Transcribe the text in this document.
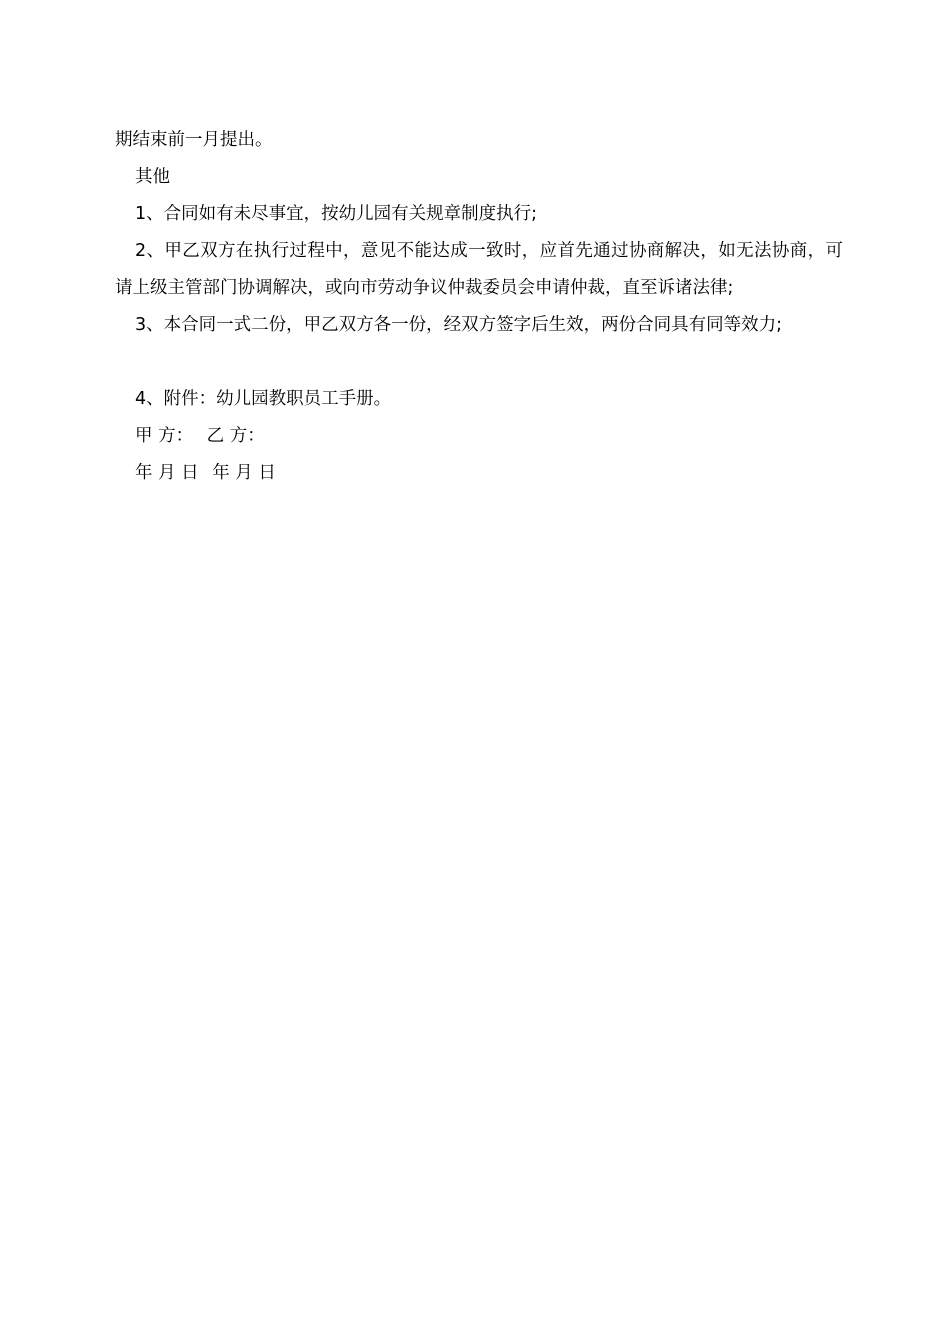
期结束前一月提出。

其他

1、合同如有未尽事宜，按幼儿园有关规章制度执行;

2、甲乙双方在执行过程中，意见不能达成一致时，应首先通过协商解决，如无法协商，可请上级主管部门协调解决，或向市劳动争议仲裁委员会申请仲裁，直至诉诸法律;

3、本合同一式二份，甲乙双方各一份，经双方签字后生效，两份合同具有同等效力;

4、附件：幼儿园教职员工手册。

甲 方： 乙 方：

年 月 日 年 月 日
